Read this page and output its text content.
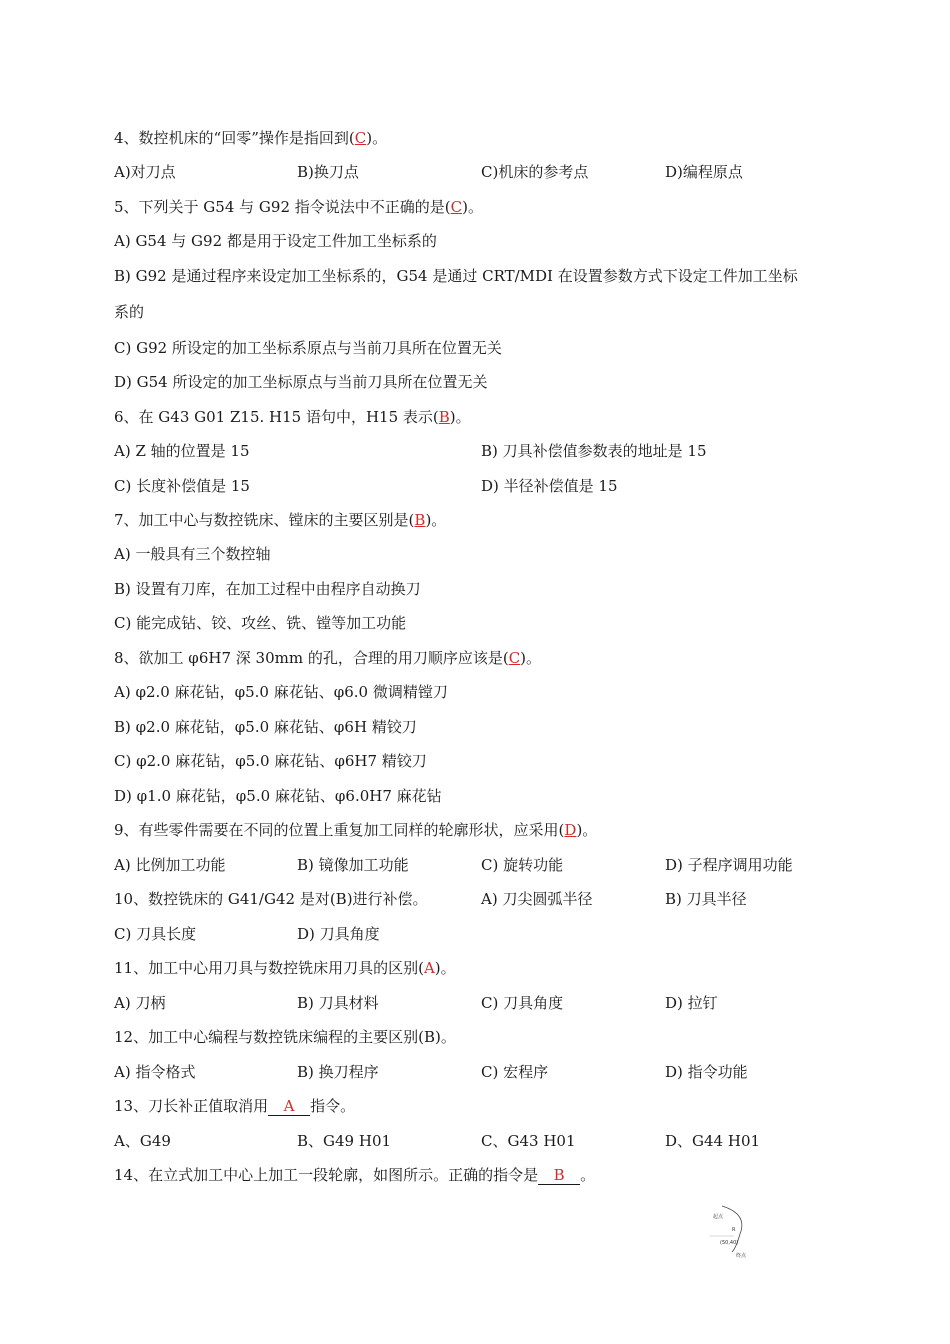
4、数控机床的“回零”操作是指回到(C)。
A)对刀点	B)换刀点	C)机床的参考点	D)编程原点
5、下列关于 G54 与 G92 指令说法中不正确的是(C)。
A) G54 与 G92 都是用于设定工件加工坐标系的
B) G92 是通过程序来设定加工坐标系的，G54 是通过 CRT/MDI 在设置参数方式下设定工件加工坐标
系的
C) G92 所设定的加工坐标系原点与当前刀具所在位置无关
D) G54 所设定的加工坐标原点与当前刀具所在位置无关
6、在 G43 G01 Z15. H15 语句中，H15 表示(B)。
A) Z 轴的位置是 15	B) 刀具补偿值参数表的地址是 15
C) 长度补偿值是 15	D) 半径补偿值是 15
7、加工中心与数控铣床、镗床的主要区别是(B)。
A) 一般具有三个数控轴
B) 设置有刀库，在加工过程中由程序自动换刀
C) 能完成钻、铰、攻丝、铣、镗等加工功能
8、欲加工 φ6H7 深 30mm 的孔，合理的用刀顺序应该是(C)。
A) φ2.0 麻花钻，φ5.0 麻花钻、φ6.0 微调精镗刀
B) φ2.0 麻花钻，φ5.0 麻花钻、φ6H 精铰刀
C) φ2.0 麻花钻，φ5.0 麻花钻、φ6H7 精铰刀
D) φ1.0 麻花钻，φ5.0 麻花钻、φ6.0H7 麻花钻
9、有些零件需要在不同的位置上重复加工同样的轮廓形状，应采用(D)。
A) 比例加工功能	B) 镜像加工功能	C) 旋转功能	D) 子程序调用功能
10、数控铣床的 G41/G42 是对(B)进行补偿。	A) 刀尖圆弧半径	B) 刀具半径
C) 刀具长度	D) 刀具角度
11、加工中心用刀具与数控铣床用刀具的区别(A)。
A) 刀柄	B) 刀具材料	C) 刀具角度	D) 拉钉
12、加工中心编程与数控铣床编程的主要区别(B)。
A) 指令格式	B) 换刀程序	C) 宏程序	D) 指令功能
13、刀长补正值取消用 A 指令。
A、G49	B、G49 H01	C、G43 H01	D、G44 H01
14、在立式加工中心上加工一段轮廓，如图所示。正确的指令是 B 。
起点
R
(50,40)
终点
